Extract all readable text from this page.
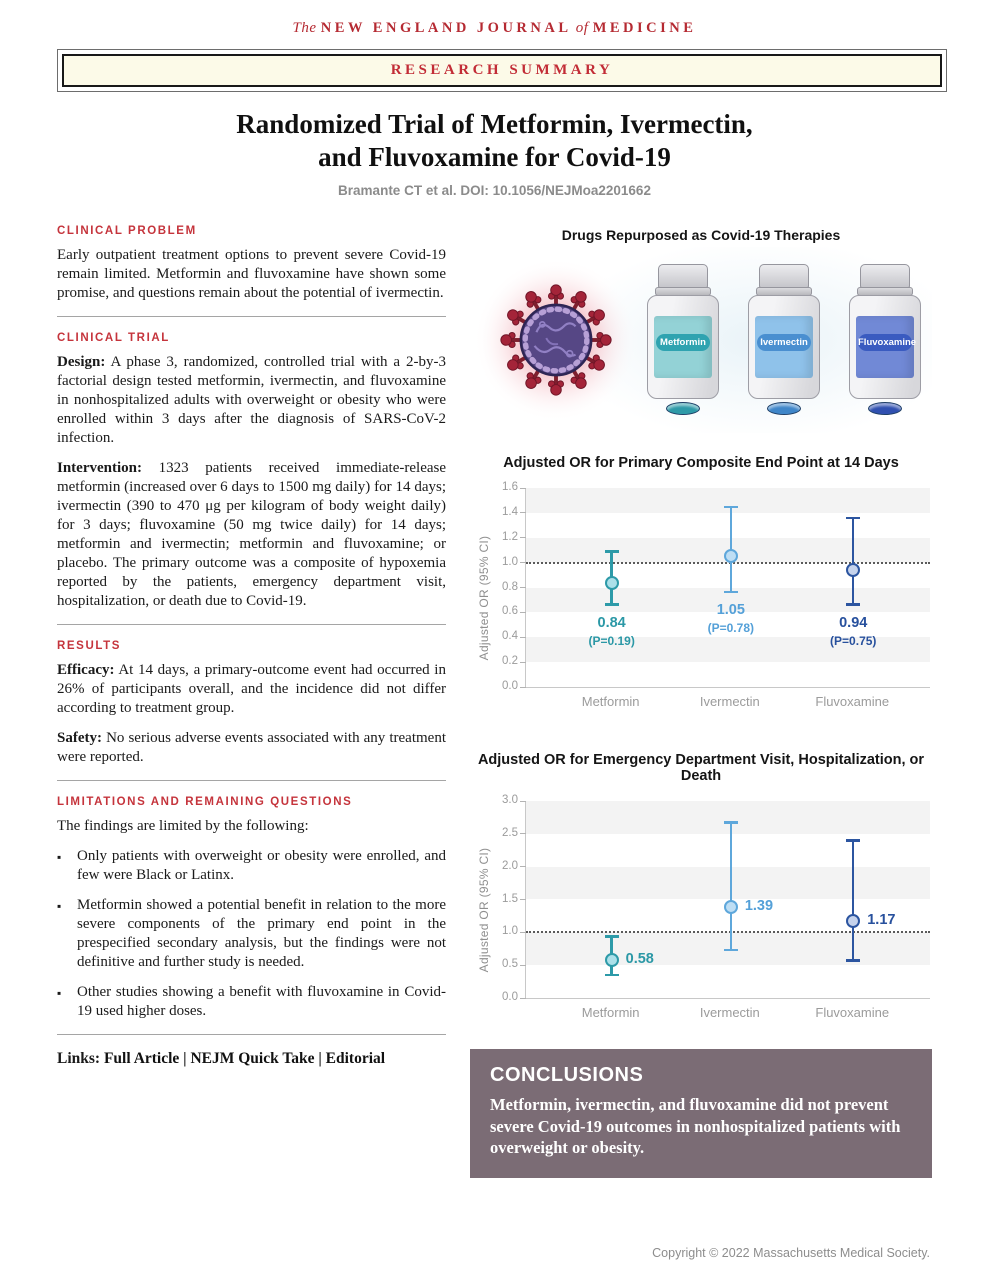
The NEW ENGLAND JOURNAL of MEDICINE
RESEARCH SUMMARY
Randomized Trial of Metformin, Ivermectin,
and Fluvoxamine for Covid-19
Bramante CT et al. DOI: 10.1056/NEJMoa2201662
CLINICAL PROBLEM

Early outpatient treatment options to prevent severe Covid-19 remain limited. Metformin and fluvoxamine have shown some promise, and questions remain about the potential of ivermectin.

CLINICAL TRIAL

Design: A phase 3, randomized, controlled trial with a 2-by-3 factorial design tested metformin, ivermectin, and fluvoxamine in nonhospitalized adults with overweight or obesity who were enrolled within 3 days after the diagnosis of SARS-CoV-2 infection.

Intervention: 1323 patients received immediate-release metformin (increased over 6 days to 1500 mg daily) for 14 days; ivermectin (390 to 470 μg per kilogram of body weight daily) for 3 days; fluvoxamine (50 mg twice daily) for 14 days; metformin and ivermectin; metformin and fluvoxamine; or placebo. The primary outcome was a composite of hypoxemia reported by the patients, emergency department visit, hospitalization, or death due to Covid-19.

RESULTS

Efficacy: At 14 days, a primary-outcome event had occurred in 26% of participants overall, and the incidence did not differ according to treatment group.

Safety: No serious adverse events associated with any treatment were reported.

LIMITATIONS AND REMAINING QUESTIONS

The findings are limited by the following:

▪
Only patients with overweight or obesity were enrolled, and few were Black or Latinx.
▪
Metformin showed a potential benefit in relation to the more severe components of the primary end point in the prespecified secondary analysis, but the findings were not definitive and further study is needed.
▪
Other studies showing a benefit with fluvoxamine in Covid-19 used higher doses.
Links: Full Article | NEJM Quick Take | Editorial
Drugs Repurposed as Covid-19 Therapies
Metformin	Ivermectin	Fluvoxamine
Adjusted OR for Primary Composite End Point at 14 Days
Adjusted OR (95% CI)
0.0
0.2
0.4
0.6
0.8
1.0
1.2
1.4
1.6
0.84
(P=0.19)
1.05
(P=0.78)	0.94
(P=0.75)
Metformin	Ivermectin	Fluvoxamine
Adjusted OR for Emergency Department Visit, Hospitalization, or Death
Adjusted OR (95% CI)
0.0
0.5
1.0
1.5
2.0
2.5
3.0
0.58
1.39
1.17
Metformin	Ivermectin	Fluvoxamine
CONCLUSIONS
Metformin, ivermectin, and fluvoxamine did not prevent severe Covid-19 outcomes in nonhospitalized patients with overweight or obesity.
Copyright © 2022 Massachusetts Medical Society.
